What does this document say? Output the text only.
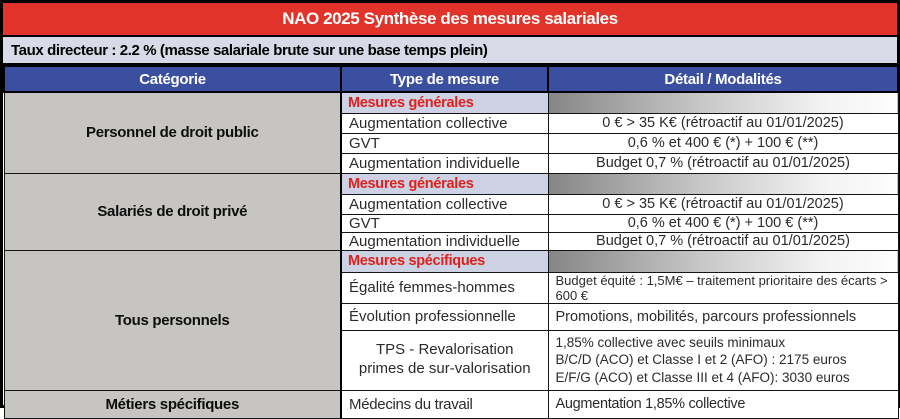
NAO 2025 Synthèse des mesures salariales
Taux directeur : 2.2 % (masse salariale brute sur une base temps plein)
Catégorie	Type de mesure	Détail / Modalités
Personnel de droit public	Mesures générales	
	Augmentation collective	0 € > 35 K€ (rétroactif au 01/01/2025)
	GVT	0,6 % et 400 € (*) + 100 € (**)
	Augmentation individuelle	Budget 0,7 % (rétroactif au 01/01/2025)
Salariés de droit privé	Mesures générales	
	Augmentation collective	0 € > 35 K€ (rétroactif au 01/01/2025)
	GVT	0,6 % et 400 € (*) + 100 € (**)
	Augmentation individuelle	Budget 0,7 % (rétroactif au 01/01/2025)
Tous personnels	Mesures spécifiques	
	Égalité femmes-hommes	Budget équité : 1,5M€ – traitement prioritaire des écarts > 600 €
	Évolution professionnelle	Promotions, mobilités, parcours professionnels
	TPS - Revalorisation primes de sur-valorisation	1,85% collective avec seuils minimaux
B/C/D (ACO) et Classe I et 2 (AFO) : 2175 euros
E/F/G (ACO) et Classe III et 4 (AFO): 3030 euros

Métiers spécifiques	Médecins du travail	Augmentation 1,85% collective
